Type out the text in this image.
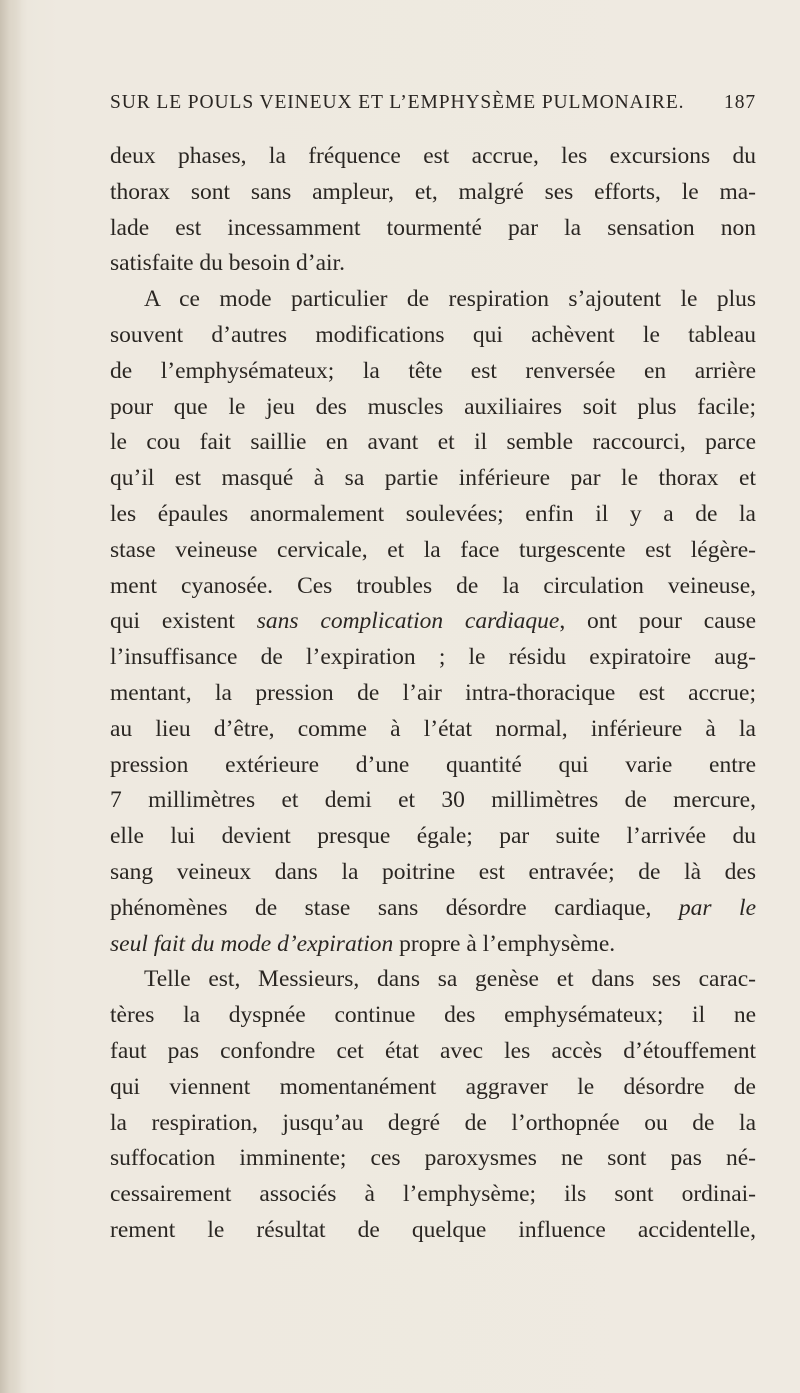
SUR LE POULS VEINEUX ET L’EMPHYSÈME PULMONAIRE. 187
deux phases, la fréquence est accrue, les excursions du
thorax sont sans ampleur, et, malgré ses efforts, le ma-
lade est incessamment tourmenté par la sensation non
satisfaite du besoin d’air.
A ce mode particulier de respiration s’ajoutent le plus
souvent d’autres modifications qui achèvent le tableau
de l’emphysémateux; la tête est renversée en arrière
pour que le jeu des muscles auxiliaires soit plus facile;
le cou fait saillie en avant et il semble raccourci, parce
qu’il est masqué à sa partie inférieure par le thorax et
les épaules anormalement soulevées; enfin il y a de la
stase veineuse cervicale, et la face turgescente est légère-
ment cyanosée. Ces troubles de la circulation veineuse,
qui existent sans complication cardiaque, ont pour cause
l’insuffisance de l’expiration ; le résidu expiratoire aug-
mentant, la pression de l’air intra-thoracique est accrue;
au lieu d’être, comme à l’état normal, inférieure à la
pression extérieure d’une quantité qui varie entre
7 millimètres et demi et 30 millimètres de mercure,
elle lui devient presque égale; par suite l’arrivée du
sang veineux dans la poitrine est entravée; de là des
phénomènes de stase sans désordre cardiaque, par le
seul fait du mode d’expiration propre à l’emphysème.
Telle est, Messieurs, dans sa genèse et dans ses carac-
tères la dyspnée continue des emphysémateux; il ne
faut pas confondre cet état avec les accès d’étouffement
qui viennent momentanément aggraver le désordre de
la respiration, jusqu’au degré de l’orthopnée ou de la
suffocation imminente; ces paroxysmes ne sont pas né-
cessairement associés à l’emphysème; ils sont ordinai-
rement le résultat de quelque influence accidentelle,
